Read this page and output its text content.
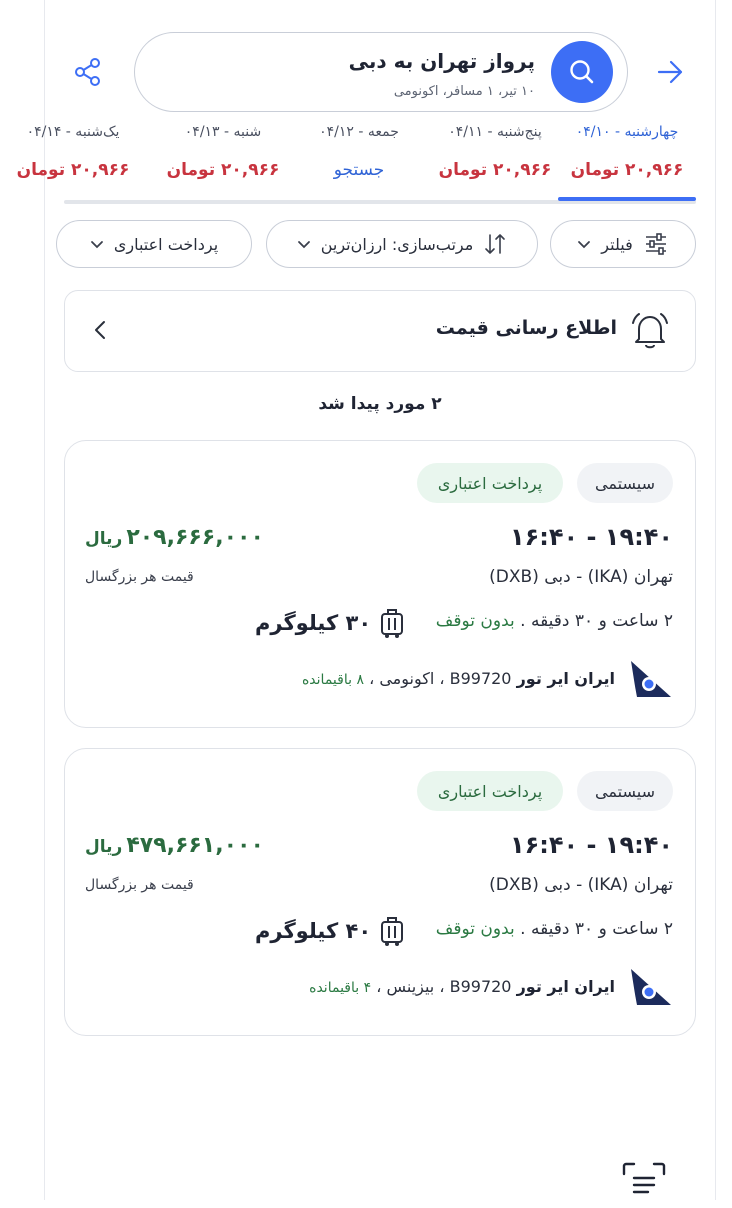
پرواز تهران به دبی
۱۰ تیر، ۱ مسافر، اکونومی
چهارشنبه - ۰۴/۱۰
۲۰,۹۶۶ تومان
پنج‌شنبه - ۰۴/۱۱
۲۰,۹۶۶ تومان
جمعه - ۰۴/۱۲
جستجو
شنبه - ۰۴/۱۳
۲۰,۹۶۶ تومان
یک‌شنبه - ۰۴/۱۴
۲۰,۹۶۶ تومان
فیلتر
مرتب‌سازی: ارزان‌ترین
پرداخت اعتباری
اطلاع رسانی قیمت
۲ مورد پیدا شد
سیستمی
پرداخت اعتباری
۱۶:۴۰ - ۱۹:۴۰
تهران (IKA) - دبی (DXB)
۲ ساعت و ۳۰ دقیقه . بدون توقف
۳۰ کیلوگرم
۲۰۹,۶۶۶,۰۰۰ریال
قیمت هر بزرگسال
ایران ایر تور B99720 ، اکونومی ، ۸ باقیمانده
سیستمی
پرداخت اعتباری
۱۶:۴۰ - ۱۹:۴۰
تهران (IKA) - دبی (DXB)
۲ ساعت و ۳۰ دقیقه . بدون توقف
۴۰ کیلوگرم
۴۷۹,۶۶۱,۰۰۰ریال
قیمت هر بزرگسال
ایران ایر تور B99720 ، بیزینس ، ۴ باقیمانده
